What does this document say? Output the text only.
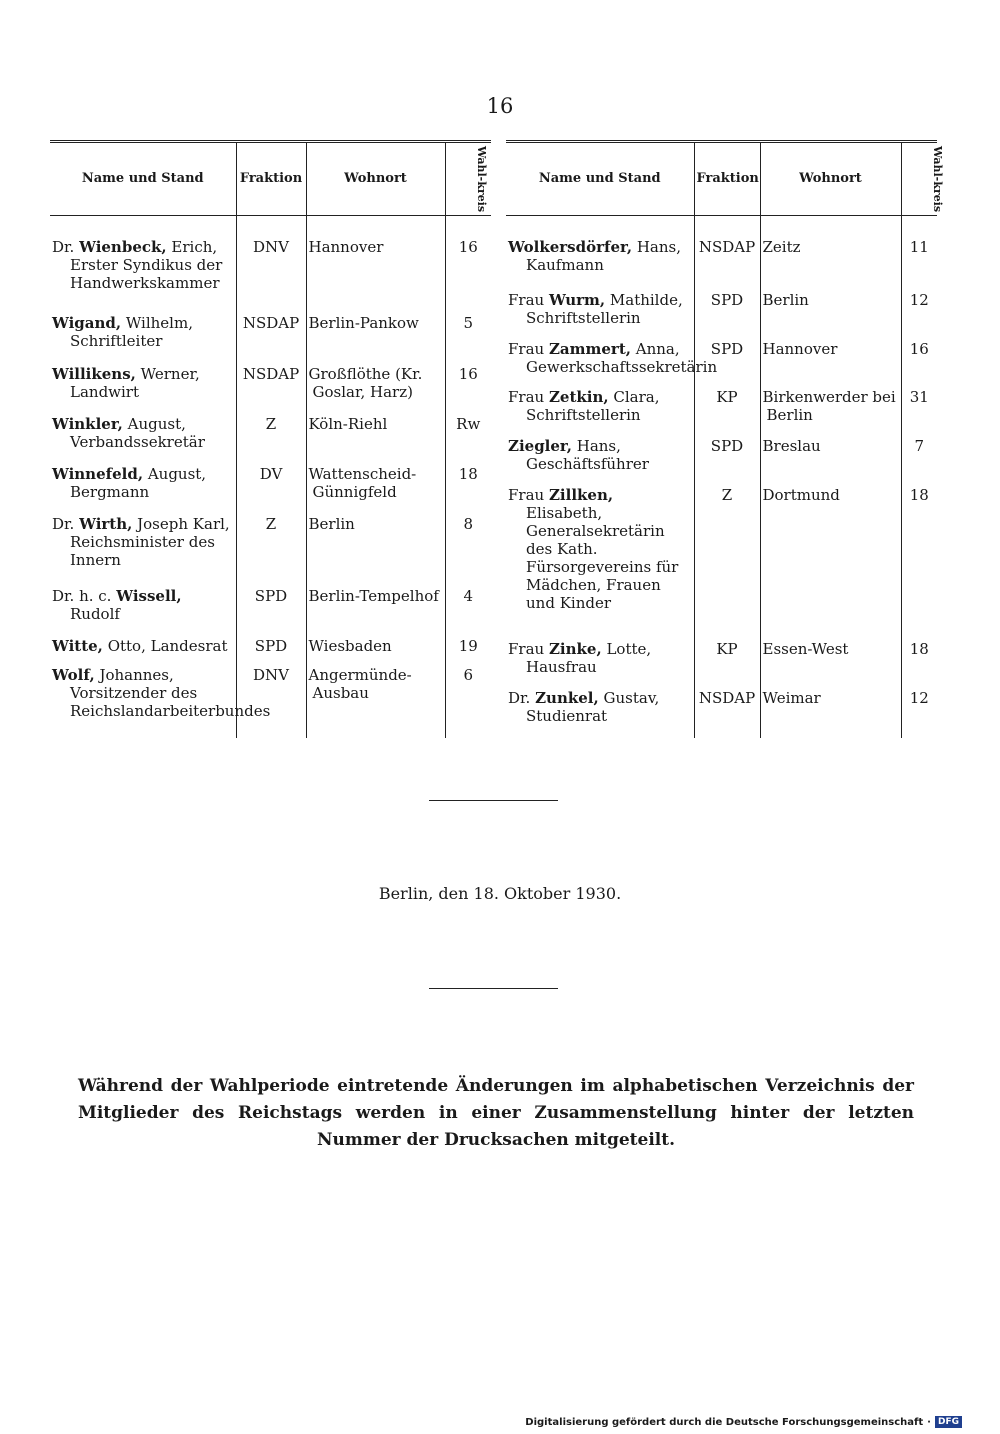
16
Name und Stand	Fraktion	Wohnort	Wahl-kreis
Dr. Wienbeck, Erich, Erster Syndikus der Handwerkskammer	DNV	Hannover	16
Wigand, Wilhelm, Schriftleiter	NSDAP	Berlin-Pankow	5
Willikens, Werner, Landwirt	NSDAP	Großflöthe (Kr. Goslar, Harz)	16
Winkler, August, Verbandssekretär	Z	Köln-Riehl	Rw
Winnefeld, August, Bergmann	DV	Wattenscheid-Günnigfeld	18
Dr. Wirth, Joseph Karl, Reichsminister des Innern	Z	Berlin	8
Dr. h. c. Wissell, Rudolf	SPD	Berlin-Tempelhof	4
Witte, Otto, Landesrat	SPD	Wiesbaden	19
Wolf, Johannes, Vorsitzender des Reichslandarbeiterbundes	DNV	Angermünde-Ausbau	6

Name und Stand	Fraktion	Wohnort	Wahl-kreis
Wolkersdörfer, Hans, Kaufmann	NSDAP	Zeitz	11
Frau Wurm, Mathilde, Schriftstellerin	SPD	Berlin	12
Frau Zammert, Anna, Gewerkschaftssekretärin	SPD	Hannover	16
Frau Zetkin, Clara, Schriftstellerin	KP	Birkenwerder bei Berlin	31
Ziegler, Hans, Geschäftsführer	SPD	Breslau	7
Frau Zillken, Elisabeth, Generalsekretärin des Kath. Fürsorgevereins für Mädchen, Frauen und Kinder	Z	Dortmund	18
Frau Zinke, Lotte, Hausfrau	KP	Essen-West	18
Dr. Zunkel, Gustav, Studienrat	NSDAP	Weimar	12

Berlin, den 18. Oktober 1930.
Während der Wahlperiode eintretende Änderungen im alphabetischen Verzeichnis der Mitglieder des Reichstags werden in einer Zusammenstellung hinter der letzten Nummer der Drucksachen mitgeteilt.
Digitalisierung gefördert durch die Deutsche Forschungsgemeinschaft · DFG
